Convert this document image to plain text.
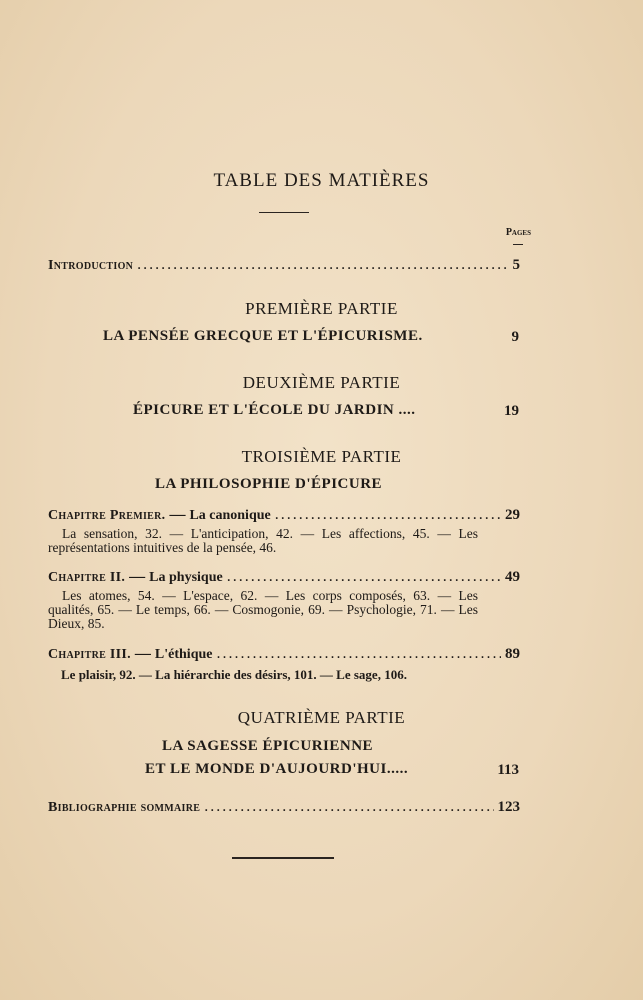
TABLE DES MATIÈRES
Pages
Introduction .....	5
PREMIÈRE PARTIE
LA PENSÉE GRECQUE ET L'ÉPICURISME.	9
DEUXIÈME PARTIE
ÉPICURE ET L'ÉCOLE DU JARDIN ....	19
TROISIÈME PARTIE
LA PHILOSOPHIE D'ÉPICURE
Chapitre Premier. — La canonique .....	29
La sensation, 32. — L'anticipation, 42. — Les affections, 45. — Les représentations intuitives de la pensée, 46.
Chapitre II. — La physique .....	49
Les atomes, 54. — L'espace, 62. — Les corps composés, 63. — Les qualités, 65. — Le temps, 66. — Cosmogonie, 69. — Psychologie, 71. — Les Dieux, 85.
Chapitre III. — L'éthique .....	89
Le plaisir, 92. — La hiérarchie des désirs, 101. — Le sage, 106.
QUATRIÈME PARTIE
LA SAGESSE ÉPICURIENNE
ET LE MONDE D'AUJOURD'HUI.....	113
Bibliographie sommaire .....	123
